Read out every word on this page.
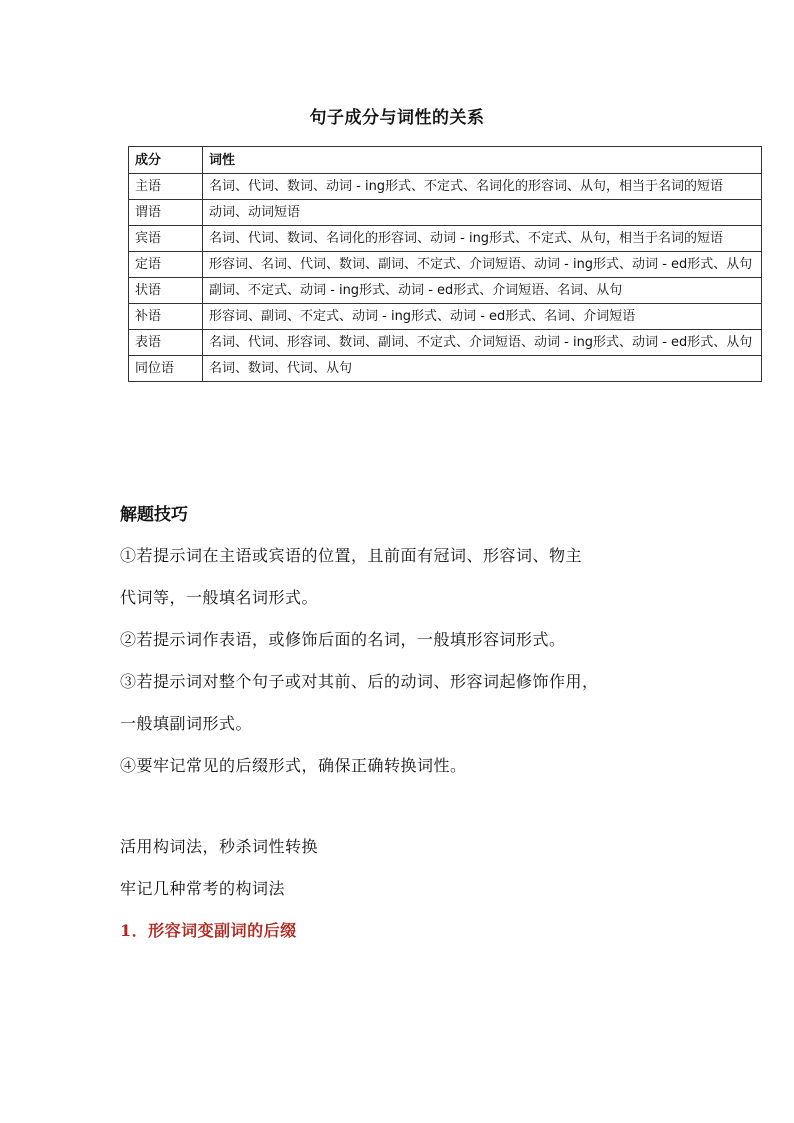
句子成分与词性的关系
成分	词性
主语	名词、代词、数词、动词 - ing形式、不定式、名词化的形容词、从句，相当于名词的短语
谓语	动词、动词短语
宾语	名词、代词、数词、名词化的形容词、动词 - ing形式、不定式、从句，相当于名词的短语
定语	形容词、名词、代词、数词、副词、不定式、介词短语、动词 - ing形式、动词 - ed形式、从句
状语	副词、不定式、动词 - ing形式、动词 - ed形式、介词短语、名词、从句
补语	形容词、副词、不定式、动词 - ing形式、动词 - ed形式、名词、介词短语
表语	名词、代词、形容词、数词、副词、不定式、介词短语、动词 - ing形式、动词 - ed形式、从句
同位语	名词、数词、代词、从句
解题技巧

①若提示词在主语或宾语的位置，且前面有冠词、形容词、物主

代词等，一般填名词形式。

②若提示词作表语，或修饰后面的名词，一般填形容词形式。

③若提示词对整个句子或对其前、后的动词、形容词起修饰作用，

一般填副词形式。

④要牢记常见的后缀形式，确保正确转换词性。

活用构词法，秒杀词性转换

牢记几种常考的构词法

1．形容词变副词的后缀
